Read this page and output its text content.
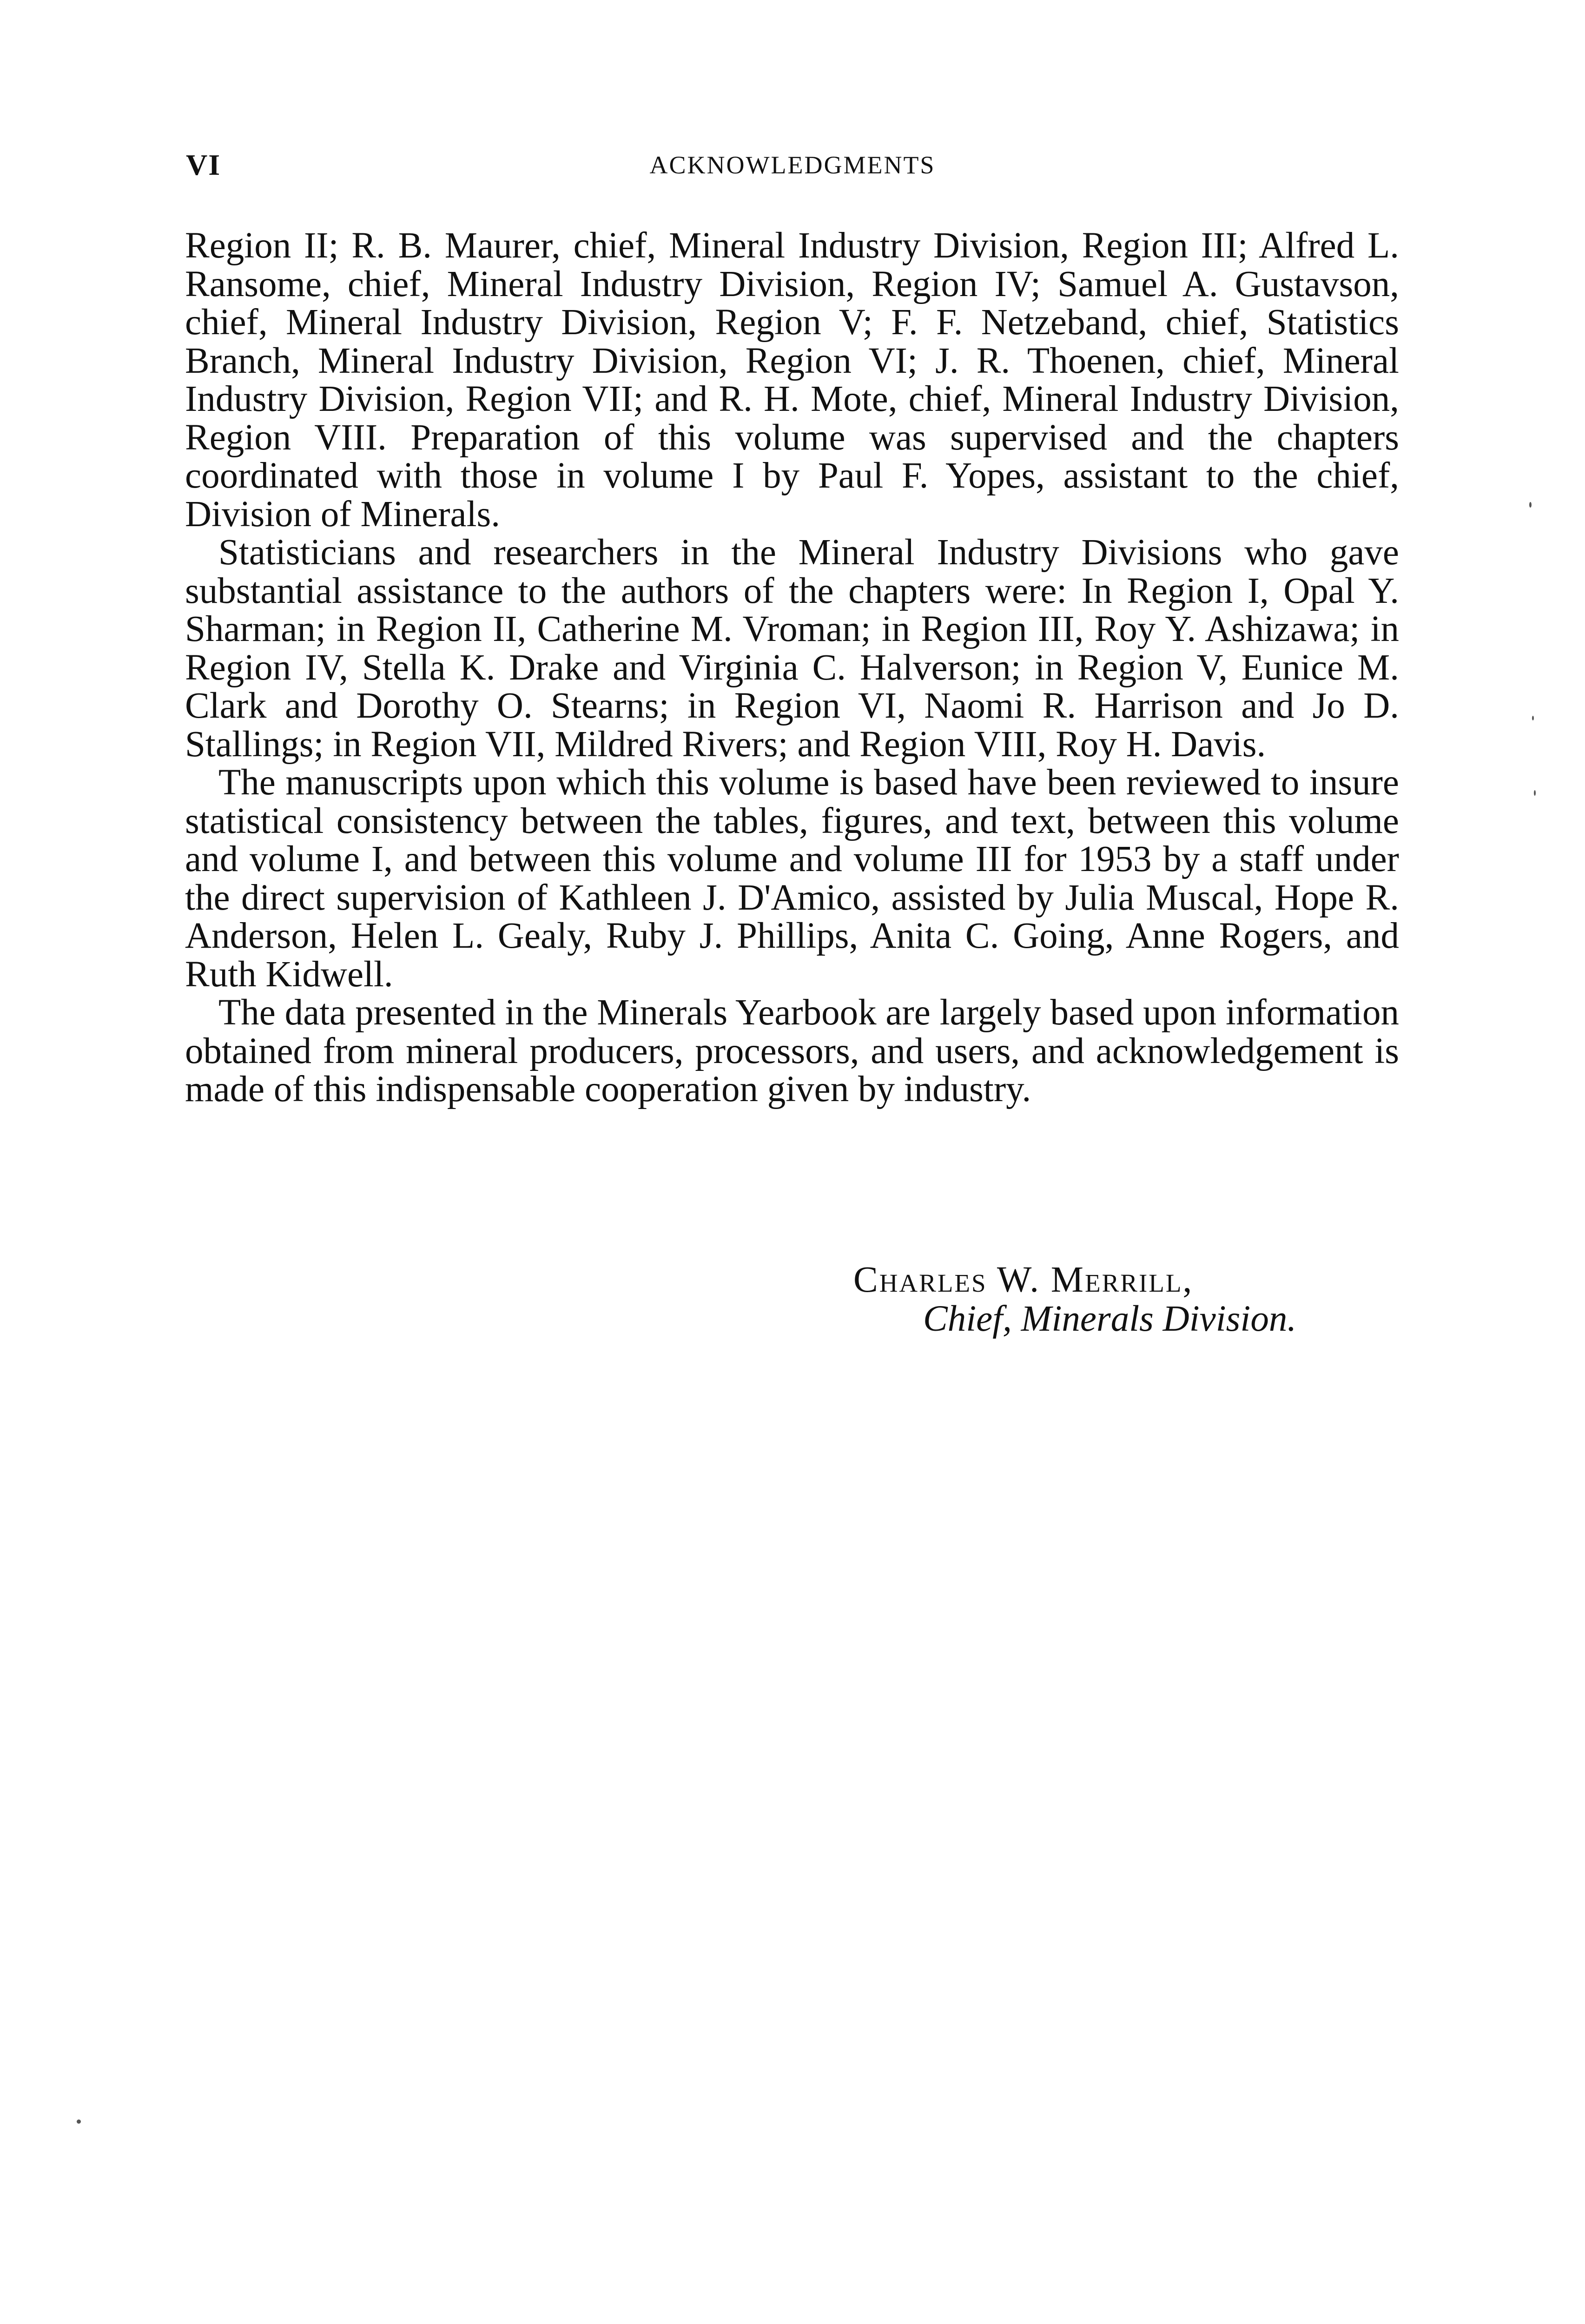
VI	ACKNOWLEDGMENTS

Region II; R. B. Maurer, chief, Mineral Industry Division, Region III; Alfred L. Ransome, chief, Mineral Industry Division, Region IV; Samuel A. Gustavson, chief, Mineral Industry Division, Region V; F. F. Netzeband, chief, Statistics Branch, Mineral Industry Division, Region VI; J. R. Thoenen, chief, Mineral Industry Division, Region VII; and R. H. Mote, chief, Mineral Industry Division, Region VIII. Preparation of this volume was supervised and the chapters coordinated with those in volume I by Paul F. Yopes, assistant to the chief, Division of Minerals.

Statisticians and researchers in the Mineral Industry Divisions who gave substantial assistance to the authors of the chapters were: In Region I, Opal Y. Sharman; in Region II, Catherine M. Vroman; in Region III, Roy Y. Ashizawa; in Region IV, Stella K. Drake and Virginia C. Halverson; in Region V, Eunice M. Clark and Dorothy O. Stearns; in Region VI, Naomi R. Harrison and Jo D. Stallings; in Region VII, Mildred Rivers; and Region VIII, Roy H. Davis.

The manuscripts upon which this volume is based have been reviewed to insure statistical consistency between the tables, figures, and text, between this volume and volume I, and between this volume and volume III for 1953 by a staff under the direct supervision of Kathleen J. D'Amico, assisted by Julia Muscal, Hope R. Anderson, Helen L. Gealy, Ruby J. Phillips, Anita C. Going, Anne Rogers, and Ruth Kidwell.

The data presented in the Minerals Yearbook are largely based upon information obtained from mineral producers, processors, and users, and acknowledgement is made of this indispensable cooperation given by industry.

Charles W. Merrill,
Chief, Minerals Division.
